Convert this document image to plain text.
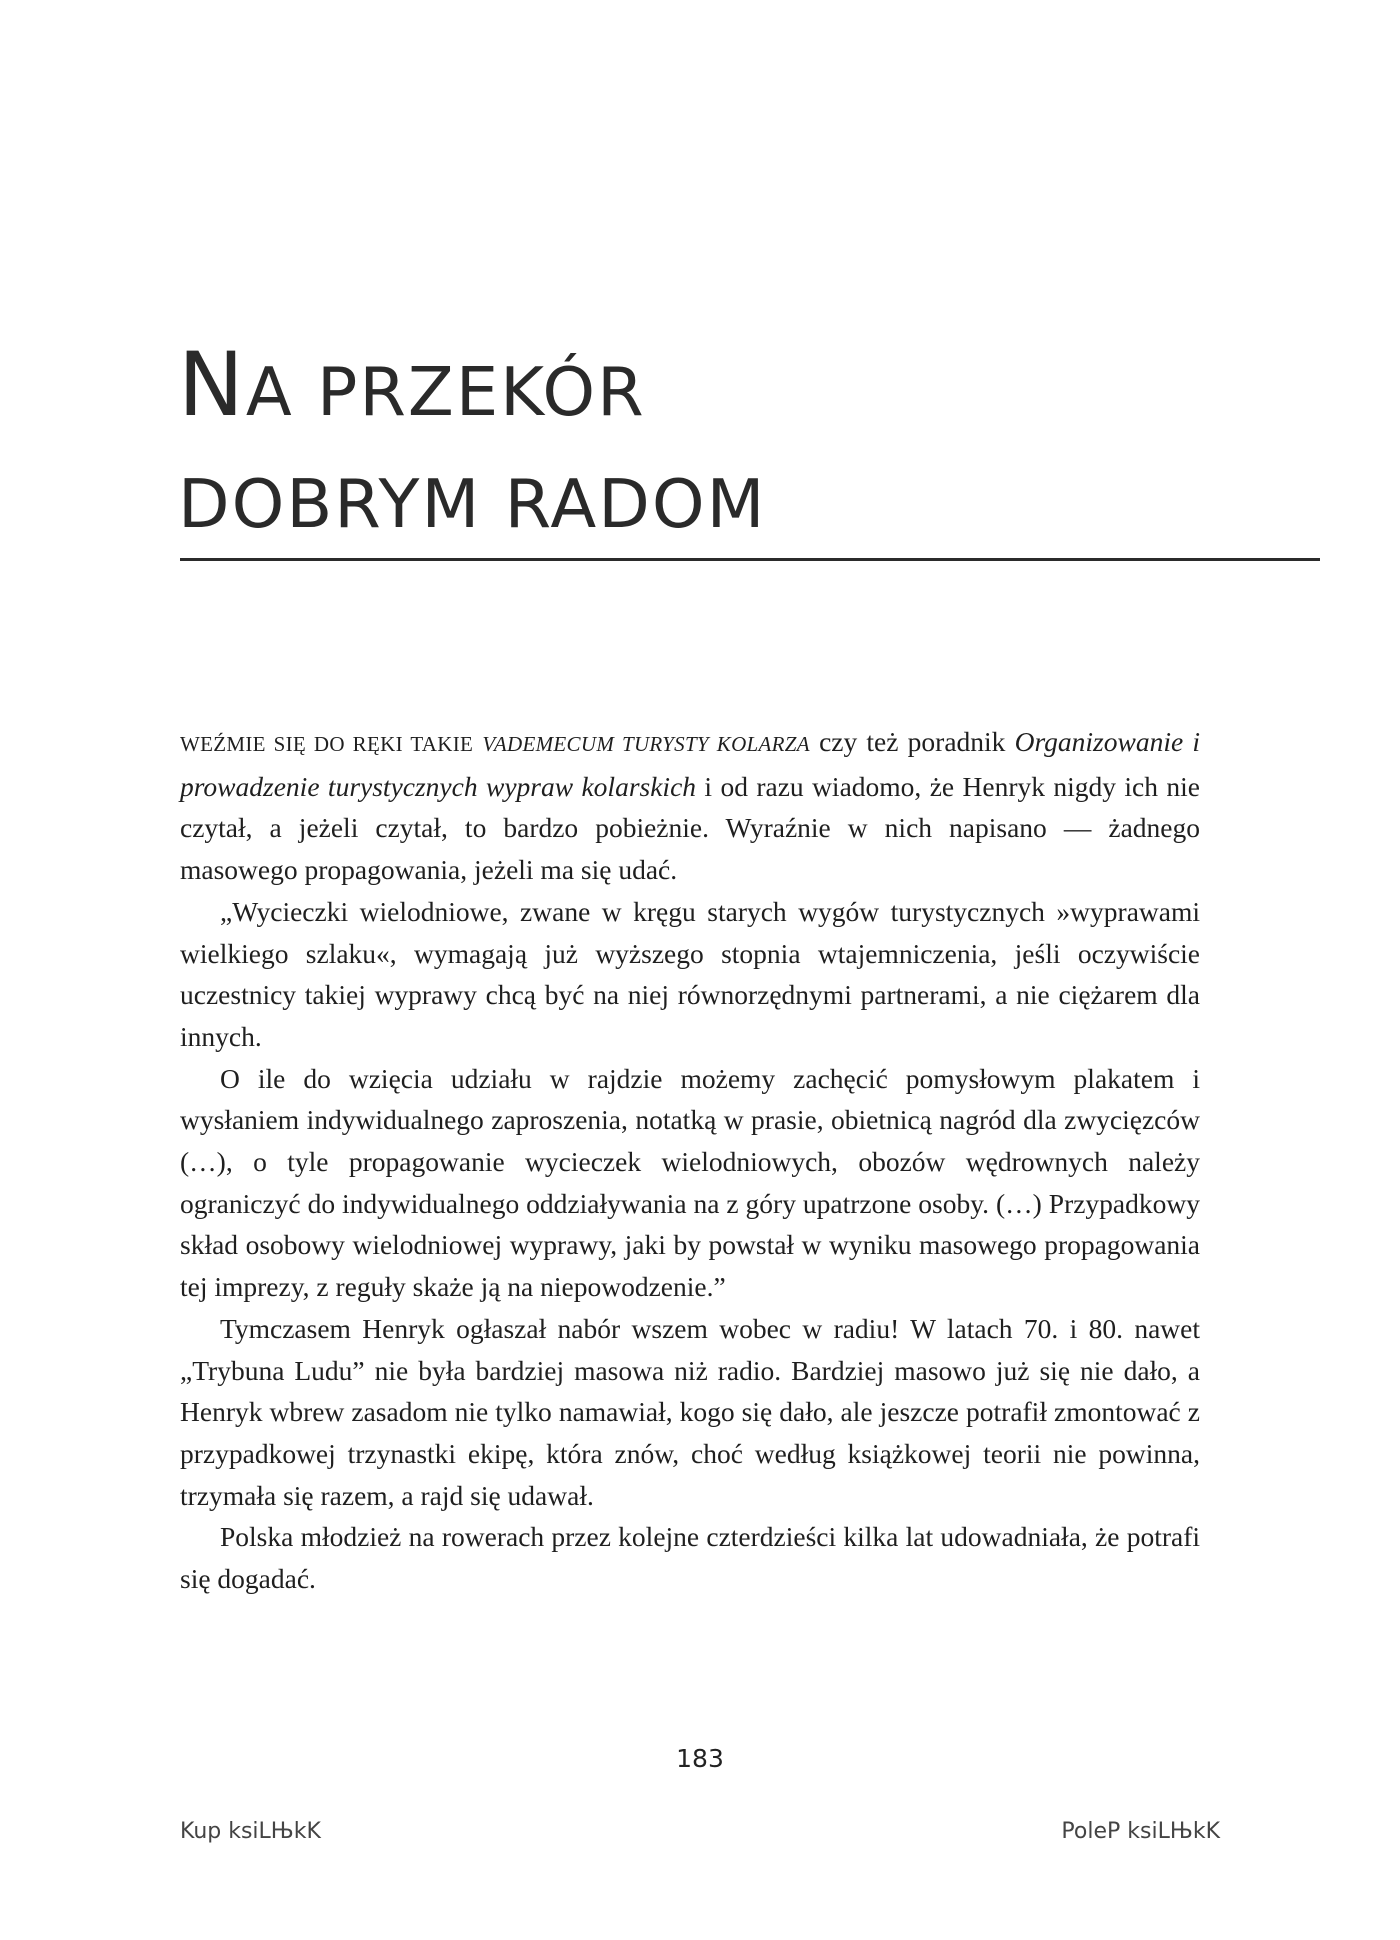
NA PRZEKÓR
DOBRYM RADOM

WEŹMIE SIĘ DO RĘKI TAKIE VADEMECUM TURYSTY KOLARZA czy też poradnik Organizowanie i prowadzenie turystycznych wypraw kolarskich i od razu wiadomo, że Henryk nigdy ich nie czytał, a jeżeli czytał, to bardzo pobieżnie. Wyraźnie w nich napisano — żadnego masowego propagowania, jeżeli ma się udać.

„Wycieczki wielodniowe, zwane w kręgu starych wygów turystycznych »wyprawami wielkiego szlaku«, wymagają już wyższego stopnia wtajemniczenia, jeśli oczywiście uczestnicy takiej wyprawy chcą być na niej równorzędnymi partnerami, a nie ciężarem dla innych.

O ile do wzięcia udziału w rajdzie możemy zachęcić pomysłowym plakatem i wysłaniem indywidualnego zaproszenia, notatką w prasie, obietnicą nagród dla zwycięzców (…), o tyle propagowanie wycieczek wielodniowych, obozów wędrownych należy ograniczyć do indywidualnego oddziaływania na z góry upatrzone osoby. (…) Przypadkowy skład osobowy wielodniowej wyprawy, jaki by powstał w wyniku masowego propagowania tej imprezy, z reguły skaże ją na niepowodzenie.”

Tymczasem Henryk ogłaszał nabór wszem wobec w radiu! W latach 70. i 80. nawet „Trybuna Ludu” nie była bardziej masowa niż radio. Bardziej masowo już się nie dało, a Henryk wbrew zasadom nie tylko namawiał, kogo się dało, ale jeszcze potrafił zmontować z przypadkowej trzynastki ekipę, która znów, choć według książkowej teorii nie powinna, trzymała się razem, a rajd się udawał.

Polska młodzież na rowerach przez kolejne czterdzieści kilka lat udowadniała, że potrafi się dogadać.

183
Kup ksiLЊkK	PoleP ksiLЊkK
